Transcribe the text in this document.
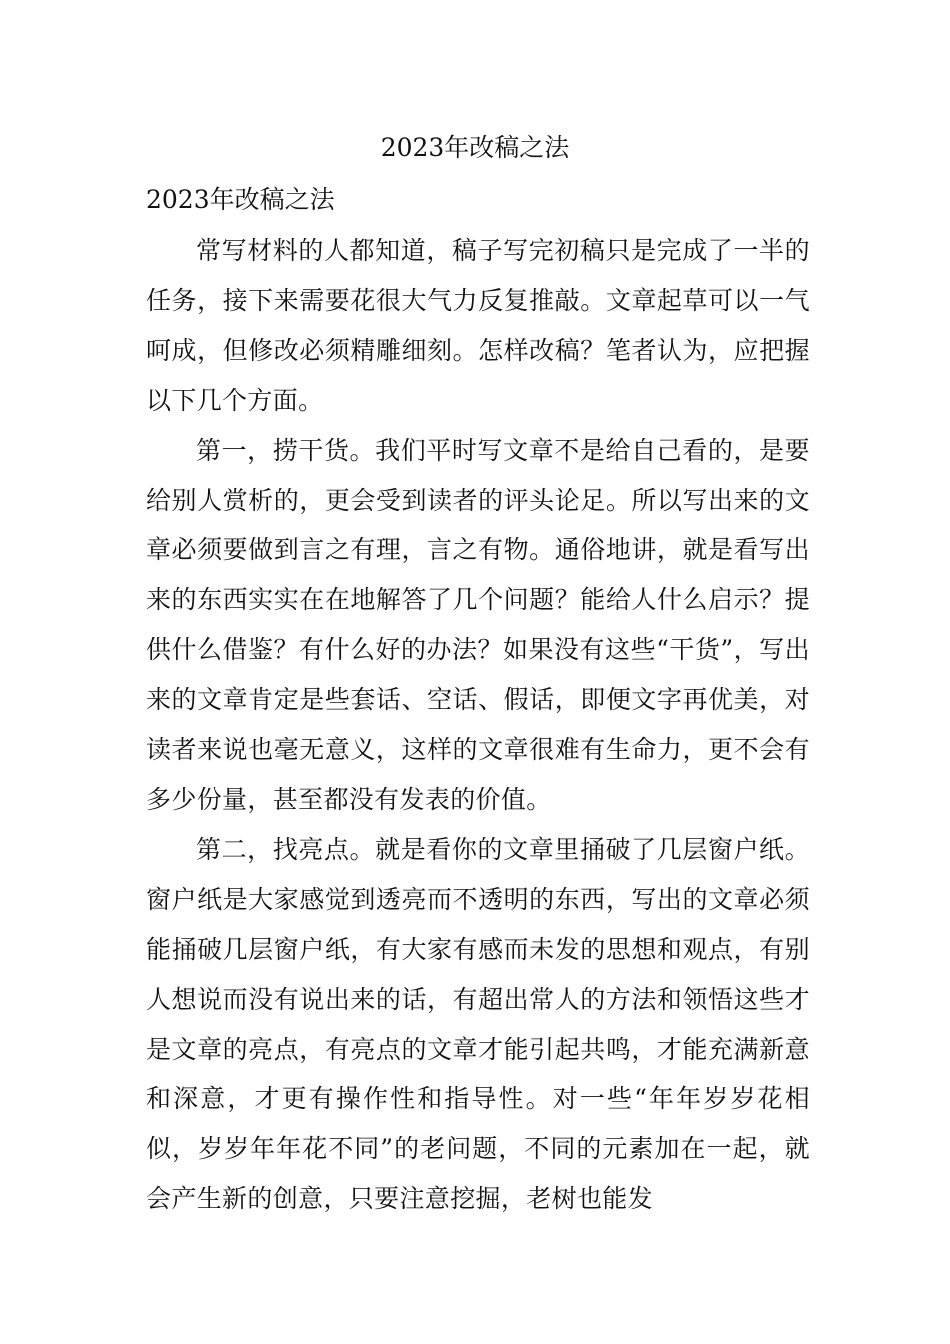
2023年改稿之法
2023年改稿之法

常写材料的人都知道，稿子写完初稿只是完成了一半的任务，接下来需要花很大气力反复推敲。文章起草可以一气呵成，但修改必须精雕细刻。怎样改稿？笔者认为，应把握以下几个方面。

第一，捞干货。我们平时写文章不是给自己看的，是要给别人赏析的，更会受到读者的评头论足。所以写出来的文章必须要做到言之有理，言之有物。通俗地讲，就是看写出来的东西实实在在地解答了几个问题？能给人什么启示？提供什么借鉴？有什么好的办法？如果没有这些“干货”，写出来的文章肯定是些套话、空话、假话，即便文字再优美，对读者来说也毫无意义，这样的文章很难有生命力，更不会有多少份量，甚至都没有发表的价值。

第二，找亮点。就是看你的文章里捅破了几层窗户纸。窗户纸是大家感觉到透亮而不透明的东西，写出的文章必须能捅破几层窗户纸，有大家有感而未发的思想和观点，有别人想说而没有说出来的话，有超出常人的方法和领悟这些才是文章的亮点，有亮点的文章才能引起共鸣，才能充满新意和深意，才更有操作性和指导性。对一些“年年岁岁花相似，岁岁年年花不同”的老问题，不同的元素加在一起，就会产生新的创意，只要注意挖掘，老树也能发
